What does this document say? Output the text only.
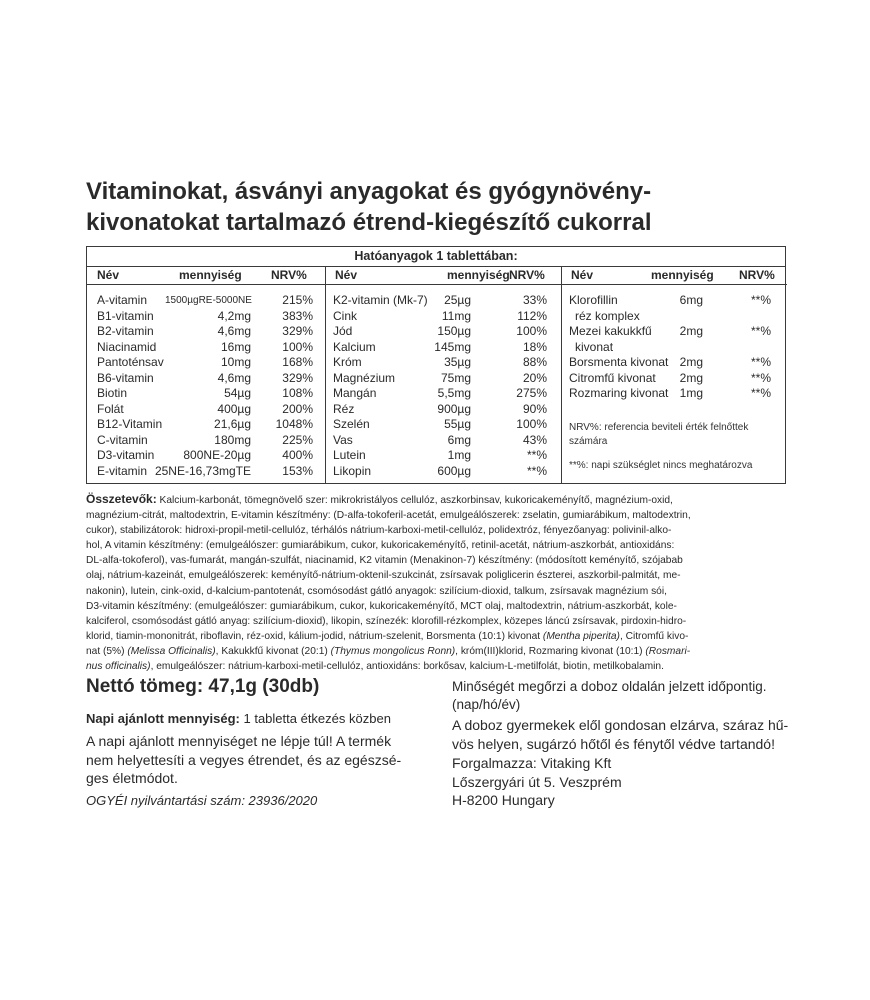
Vitaminokat, ásványi anyagokat és gyógynövény-
kivonatokat tartalmazó étrend-kiegészítő cukorral
Hatóanyagok 1 tablettában:
Név	mennyiség NRV% Név	mennyiség NRV% Név	mennyiség NRV%
A-vitamin 1500µgRE-5000NE	215%
B1-vitamin	4,2mg	383%
B2-vitamin	4,6mg	329%
Niacinamid	16mg	100%
Pantoténsav	10mg	168%
B6-vitamin	4,6mg	329%
Biotin	54µg	108%
Folát	400µg	200%
B12-Vitamin	21,6µg 1048%
C-vitamin	180mg	225%
D3-vitamin 800NE-20µg	400%
E-vitamin 25NE-16,73mgTE	153%
K2-vitamin (Mk-7) 25µg	33%
Cink	11mg	112%
Jód	150µg	100%
Kalcium	145mg	18%
Króm	35µg	88%
Magnézium	75mg	20%
Mangán	5,5mg	275%
Réz	900µg	90%
Szelén	55µg	100%
Vas	6mg	43%
Lutein	1mg	**%
Likopin	600µg	**%
Klorofillin	6mg	**%
réz komplex
Mezei kakukkfű 2mg	**%
kivonat
Borsmenta kivonat 2mg	**%
Citromfű kivonat 2mg	**%
Rozmaring kivonat 1mg	**%
NRV%: referencia beviteli érték felnőttek
számára
**%: napi szükséglet nincs meghatározva
Összetevők: Kalcium-karbonát, tömegnövelő szer: mikrokristályos cellulóz, aszkorbinsav, kukoricakeményítő, magnézium-oxid,
magnézium-citrát, maltodextrin, E-vitamin készítmény: (D-alfa-tokoferil-acetát, emulgeálószerek: zselatin, gumiarábikum, maltodextrin,
cukor), stabilizátorok: hidroxi-propil-metil-cellulóz, térhálós nátrium-karboxi-metil-cellulóz, polidextróz, fényezőanyag: polivinil-alko-
hol, A vitamin készítmény: (emulgeálószer: gumiarábikum, cukor, kukoricakeményítő, retinil-acetát, nátrium-aszkorbát, antioxidáns:
DL-alfa-tokoferol), vas-fumarát, mangán-szulfát, niacinamid, K2 vitamin (Menakinon-7) készítmény: (módosított keményítő, szójabab
olaj, nátrium-kazeinát, emulgeálószerek: keményítő-nátrium-oktenil-szukcinát, zsírsavak poliglicerin észterei, aszkorbil-palmitát, me-
nakonin), lutein, cink-oxid, d-kalcium-pantotenát, csomósodást gátló anyagok: szilícium-dioxid, talkum, zsírsavak magnézium sói,
D3-vitamin készítmény: (emulgeálószer: gumiarábikum, cukor, kukoricakeményítő, MCT olaj, maltodextrin, nátrium-aszkorbát, kole-
kalciferol, csomósodást gátló anyag: szilícium-dioxid), likopin, színezék: klorofill-rézkomplex, közepes láncú zsírsavak, pirdoxin-hidro-
klorid, tiamin-mononitrát, riboflavin, réz-oxid, kálium-jodid, nátrium-szelenit, Borsmenta (10:1) kivonat (Mentha piperita), Citromfű kivo-
nat (5%) (Melissa Officinalis), Kakukkfű kivonat (20:1) (Thymus mongolicus Ronn), króm(III)klorid, Rozmaring kivonat (10:1) (Rosmari-
nus officinalis), emulgeálószer: nátrium-karboxi-metil-cellulóz, antioxidáns: borkősav, kalcium-L-metilfolát, biotin, metilkobalamin.
Nettó tömeg: 47,1g (30db)
Napi ajánlott mennyiség: 1 tabletta étkezés közben
A napi ajánlott mennyiséget ne lépje túl! A termék
nem helyettesíti a vegyes étrendet, és az egészsé-
ges életmódot.
OGYÉI nyilvántartási szám: 23936/2020
Minőségét megőrzi a doboz oldalán jelzett időpontig.
(nap/hó/év)
A doboz gyermekek elől gondosan elzárva, száraz hű-
vös helyen, sugárzó hőtől és fénytől védve tartandó!
Forgalmazza: Vitaking Kft
Lőszergyári út 5. Veszprém
H-8200 Hungary
